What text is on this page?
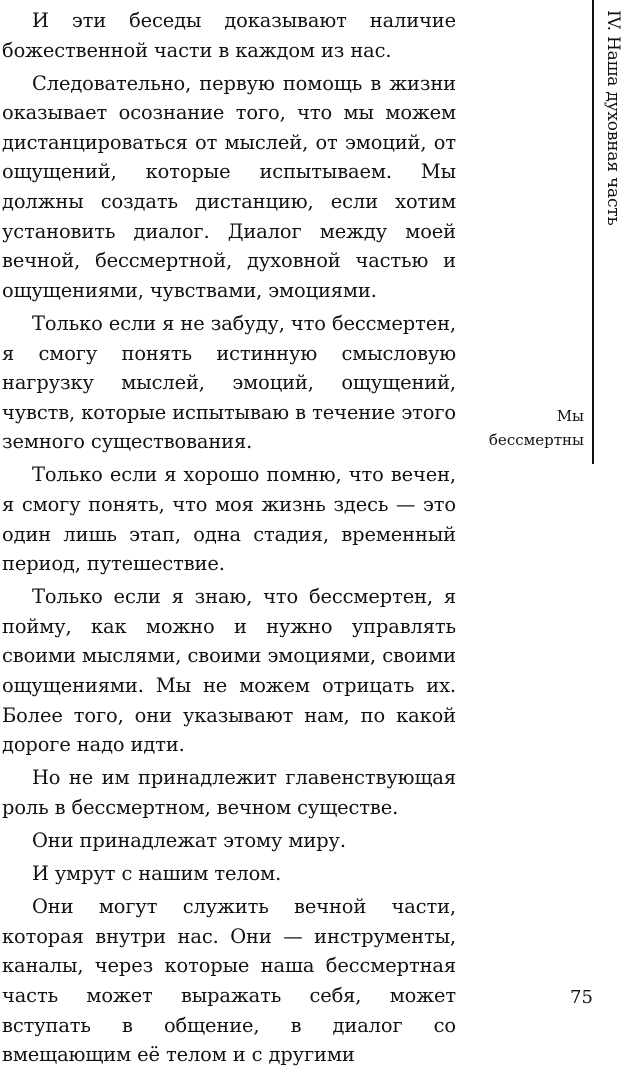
И эти беседы доказывают наличие божественной части в каждом из нас.

Следовательно, первую помощь в жизни оказывает осознание того, что мы можем дистанцироваться от мыслей, от эмоций, от ощущений, которые испытываем. Мы должны создать дистанцию, если хотим установить диалог. Диалог между моей вечной, бессмертной, духовной частью и ощущениями, чувствами, эмоциями.

Только если я не забуду, что бессмертен, я смогу понять истинную смысловую нагрузку мыслей, эмоций, ощущений, чувств, которые испытываю в течение этого земного существования.

Только если я хорошо помню, что вечен, я смогу понять, что моя жизнь здесь — это один лишь этап, одна стадия, временный период, путешествие.

Только если я знаю, что бессмертен, я пойму, как можно и нужно управлять своими мыслями, своими эмоциями, своими ощущениями. Мы не можем отрицать их. Более того, они указывают нам, по какой дороге надо идти.

Но не им принадлежит главенствующая роль в бессмертном, вечном существе.

Они принадлежат этому миру.

И умрут с нашим телом.

Они могут служить вечной части, которая внутри нас. Они — инструменты, каналы, через которые наша бессмертная часть может выражать себя, может вступать в общение, в диалог со вмещающим её телом и с другими

IV. Наша духовная часть
Мы
бессмертны
75
